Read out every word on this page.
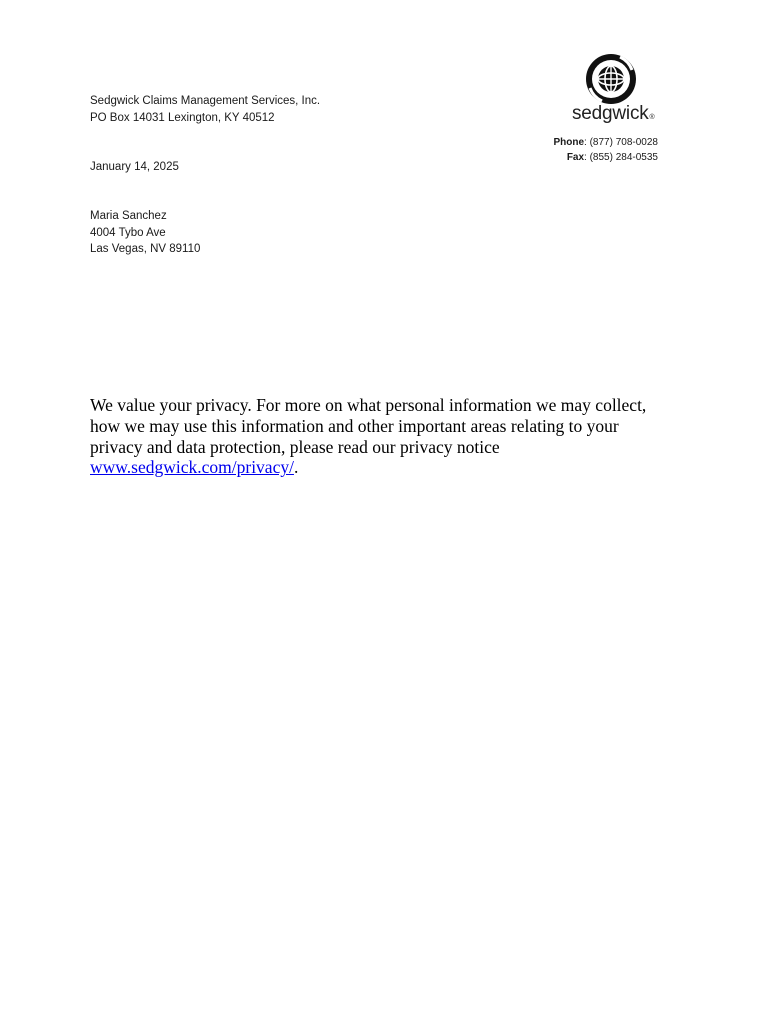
Sedgwick Claims Management Services, Inc.
PO Box 14031 Lexington, KY 40512
January 14, 2025
Maria Sanchez
4004 Tybo Ave
Las Vegas, NV 89110
sedgwick®
Phone: (877) 708-0028
Fax: (855) 284-0535
We value your privacy. For more on what personal information we may collect, how we may use this information and other important areas relating to your privacy and data protection, please read our privacy notice www.sedgwick.com/privacy/.
